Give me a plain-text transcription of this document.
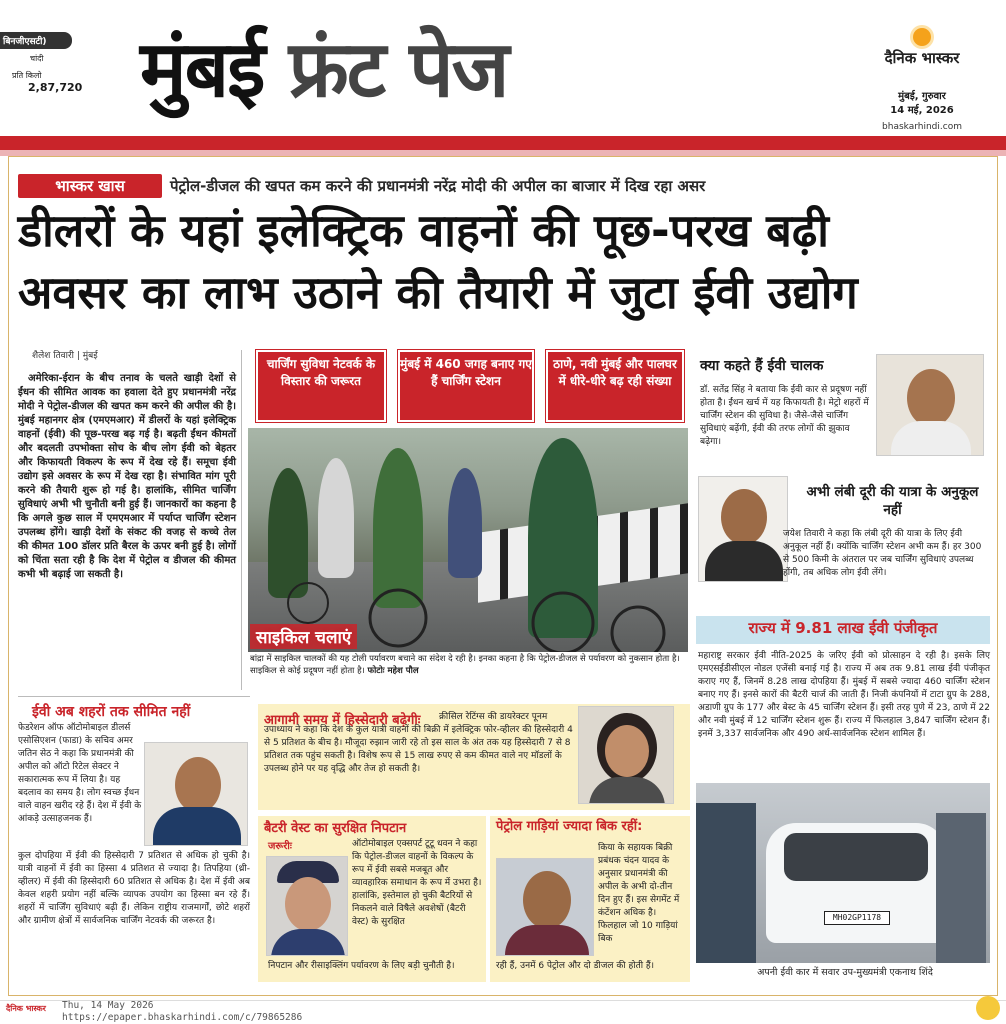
बिनजीएसटी)
चांदी
प्रति किलो
2,87,720 मुंबई फ्रंट पेज	दैनिक भास्कर
मुंबई, गुरुवार
14 मई, 2026
bhaskarhindi.com
भास्कर खास	पेट्रोल-डीजल की खपत कम करने की प्रधानमंत्री नरेंद्र मोदी की अपील का बाजार में दिख रहा असर
डीलरों के यहां इलेक्ट्रिक वाहनों की पूछ-परख बढ़ी
अवसर का लाभ उठाने की तैयारी में जुटा ईवी उद्योग
शैलेश तिवारी | मुंबई

अमेरिका-ईरान के बीच तनाव के चलते खाड़ी देशों से ईंधन की सीमित आवक का हवाला देते हुए प्रधानमंत्री नरेंद्र मोदी ने पेट्रोल-डीजल की खपत कम करने की अपील की है। मुंबई महानगर क्षेत्र (एमएमआर) में डीलरों के यहां इलेक्ट्रिक वाहनों (ईवी) की पूछ-परख बढ़ गई है। बढ़ती ईंधन कीमतों और बदलती उपभोक्ता सोच के बीच लोग ईवी को बेहतर और किफायती विकल्प के रूप में देख रहे हैं। समूचा ईवी उद्योग इसे अवसर के रूप में देख रहा है। संभावित मांग पूरी करने की तैयारी शुरू हो गई है। हालांकि, सीमित चार्जिंग सुविधाएं अभी भी चुनौती बनी हुई हैं। जानकारों का कहना है कि अगले कुछ साल में एमएमआर में पर्याप्त चार्जिंग स्टेशन उपलब्ध होंगे। खाड़ी देशों के संकट की वजह से कच्चे तेल की कीमत 100 डॉलर प्रति बैरल के ऊपर बनी हुई है। लोगों को चिंता सता रही है कि देश में पेट्रोल व डीजल की कीमत कभी भी बढ़ाई जा सकती है।

चार्जिंग सुविधा नेटवर्क के विस्तार की जरूरत
मुंबई में 460 जगह बनाए गए हैं चार्जिंग स्टेशन
ठाणे, नवी मुंबई और पालघर में धीरे-धीरे बढ़ रही संख्या
साइकिल चलाएं
बांद्रा में साइकिल चालकों की यह टोली पर्यावरण बचाने का संदेश दे रही है। इनका कहना है कि पेट्रोल-डीजल से पर्यावरण को नुकसान होता है। साइकिल से कोई प्रदूषण नहीं होता है। फोटोः महेश पौल
क्या कहते हैं ईवी चालक
डॉ. सतेंद्र सिंह ने बताया कि ईवी कार से प्रदूषण नहीं होता है। ईंधन खर्च में यह किफायती है। मेट्रो शहरों में चार्जिंग स्टेशन की सुविधा है। जैसे-जैसे चार्जिंग सुविधाएं बढ़ेंगी, ईवी की तरफ लोगों की झुकाव बढ़ेगा।
अभी लंबी दूरी की यात्रा के अनुकूल नहीं
जयेश तिवारी ने कहा कि लंबी दूरी की यात्रा के लिए ईवी अनुकूल नहीं हैं। क्योंकि चार्जिंग स्टेशन अभी कम हैं। हर 300 से 500 किमी के अंतराल पर जब चार्जिंग सुविधाएं उपलब्ध होंगी, तब अधिक लोग ईवी लेंगे।
राज्य में 9.81 लाख ईवी पंजीकृत
महाराष्ट्र सरकार ईवी नीति-2025 के जरिए ईवी को प्रोत्साहन दे रही है। इसके लिए एमएसईडीसीएल नोडल एजेंसी बनाई गई है। राज्य में अब तक 9.81 लाख ईवी पंजीकृत कराए गए हैं, जिनमें 8.28 लाख दोपहिया हैं। मुंबई में सबसे ज्यादा 460 चार्जिंग स्टेशन बनाए गए हैं। इनसे कारों की बैटरी चार्ज की जाती हैं। निजी कंपनियों में टाटा ग्रुप के 288, अडाणी ग्रुप के 177 और बेस्ट के 45 चार्जिंग स्टेशन हैं। इसी तरह पुणे में 23, ठाणे में 22 और नवी मुंबई में 12 चार्जिंग स्टेशन शुरू हैं। राज्य में फिलहाल 3,847 चार्जिंग स्टेशन हैं। इनमें 3,337 सार्वजनिक और 490 अर्ध-सार्वजनिक स्टेशन शामिल हैं।
MH02GP1178
अपनी ईवी कार में सवार उप-मुख्यमंत्री एकनाथ शिंदे
ईवी अब शहरों तक सीमित नहीं
फेडरेशन ऑफ ऑटोमोबाइल डीलर्स एसोसिएशन (फाडा) के सचिव अमर जतिन सेठ ने कहा कि प्रधानमंत्री की अपील को ऑटो रिटेल सेक्टर ने सकारात्मक रूप में लिया है। यह बदलाव का समय है। लोग स्वच्छ ईंधन वाले वाहन खरीद रहे हैं। देश में ईवी के आंकड़े उत्साहजनक हैं।
कुल दोपहिया में ईवी की हिस्सेदारी 7 प्रतिशत से अधिक हो चुकी है। यात्री वाहनों में ईवी का हिस्सा 4 प्रतिशत से ज्यादा है। तिपहिया (थ्री-व्हीलर) में ईवी की हिस्सेदारी 60 प्रतिशत से अधिक है। देश में ईवी अब केवल शहरी प्रयोग नहीं बल्कि व्यापक उपयोग का हिस्सा बन रहे हैं। शहरों में चार्जिंग सुविधाएं बढ़ी हैं। लेकिन राष्ट्रीय राजमार्गों, छोटे शहरों और ग्रामीण क्षेत्रों में सार्वजनिक चार्जिंग नेटवर्क की जरूरत है।
आगामी समय में हिस्सेदारी बढ़ेगीः	क्रीसिल रेटिंग्स की डायरेक्टर पूनम उपाध्याय ने कहा कि देश के कुल यात्री वाहनों की बिक्री में इलेक्ट्रिक फोर-व्हीलर की हिस्सेदारी 4 से 5 प्रतिशत के बीच है। मौजूदा रुझान जारी रहे तो इस साल के अंत तक यह हिस्सेदारी 7 से 8 प्रतिशत तक पहुंच सकती है। विशेष रूप से 15 लाख रुपए से कम कीमत वाले नए मॉडलों के उपलब्ध होने पर यह वृद्धि और तेज हो सकती है।
बैटरी वेस्ट का सुरक्षित निपटान
जरूरीः	ऑटोमोबाइल एक्सपर्ट टूटू धवन ने कहा कि पेट्रोल-डीजल वाहनों के विकल्प के रूप में ईवी सबसे मजबूत और व्यावहारिक समाधान के रूप में उभरा है। हालांकि, इस्तेमाल हो चुकी बैटरियों से निकलने वाले विषैले अवशेषों (बैटरी वेस्ट) के सुरक्षित
निपटान और रीसाइक्लिंग पर्यावरण के लिए बड़ी चुनौती है।
पेट्रोल गाड़ियां ज्यादा बिक रहीं:
किया के सहायक बिक्री प्रबंधक चंदन यादव के अनुसार प्रधानमंत्री की अपील के अभी दो-तीन दिन हुए हैं। इस सेगमेंट में कंटेंशन अधिक है। फिलहाल जो 10 गाड़ियां बिक
रही हैं, उनमें 6 पेट्रोल और दो डीजल की होती हैं।
दैनिक भास्कर Thu, 14 May 2026
https://epaper.bhaskarhindi.com/c/79865286
